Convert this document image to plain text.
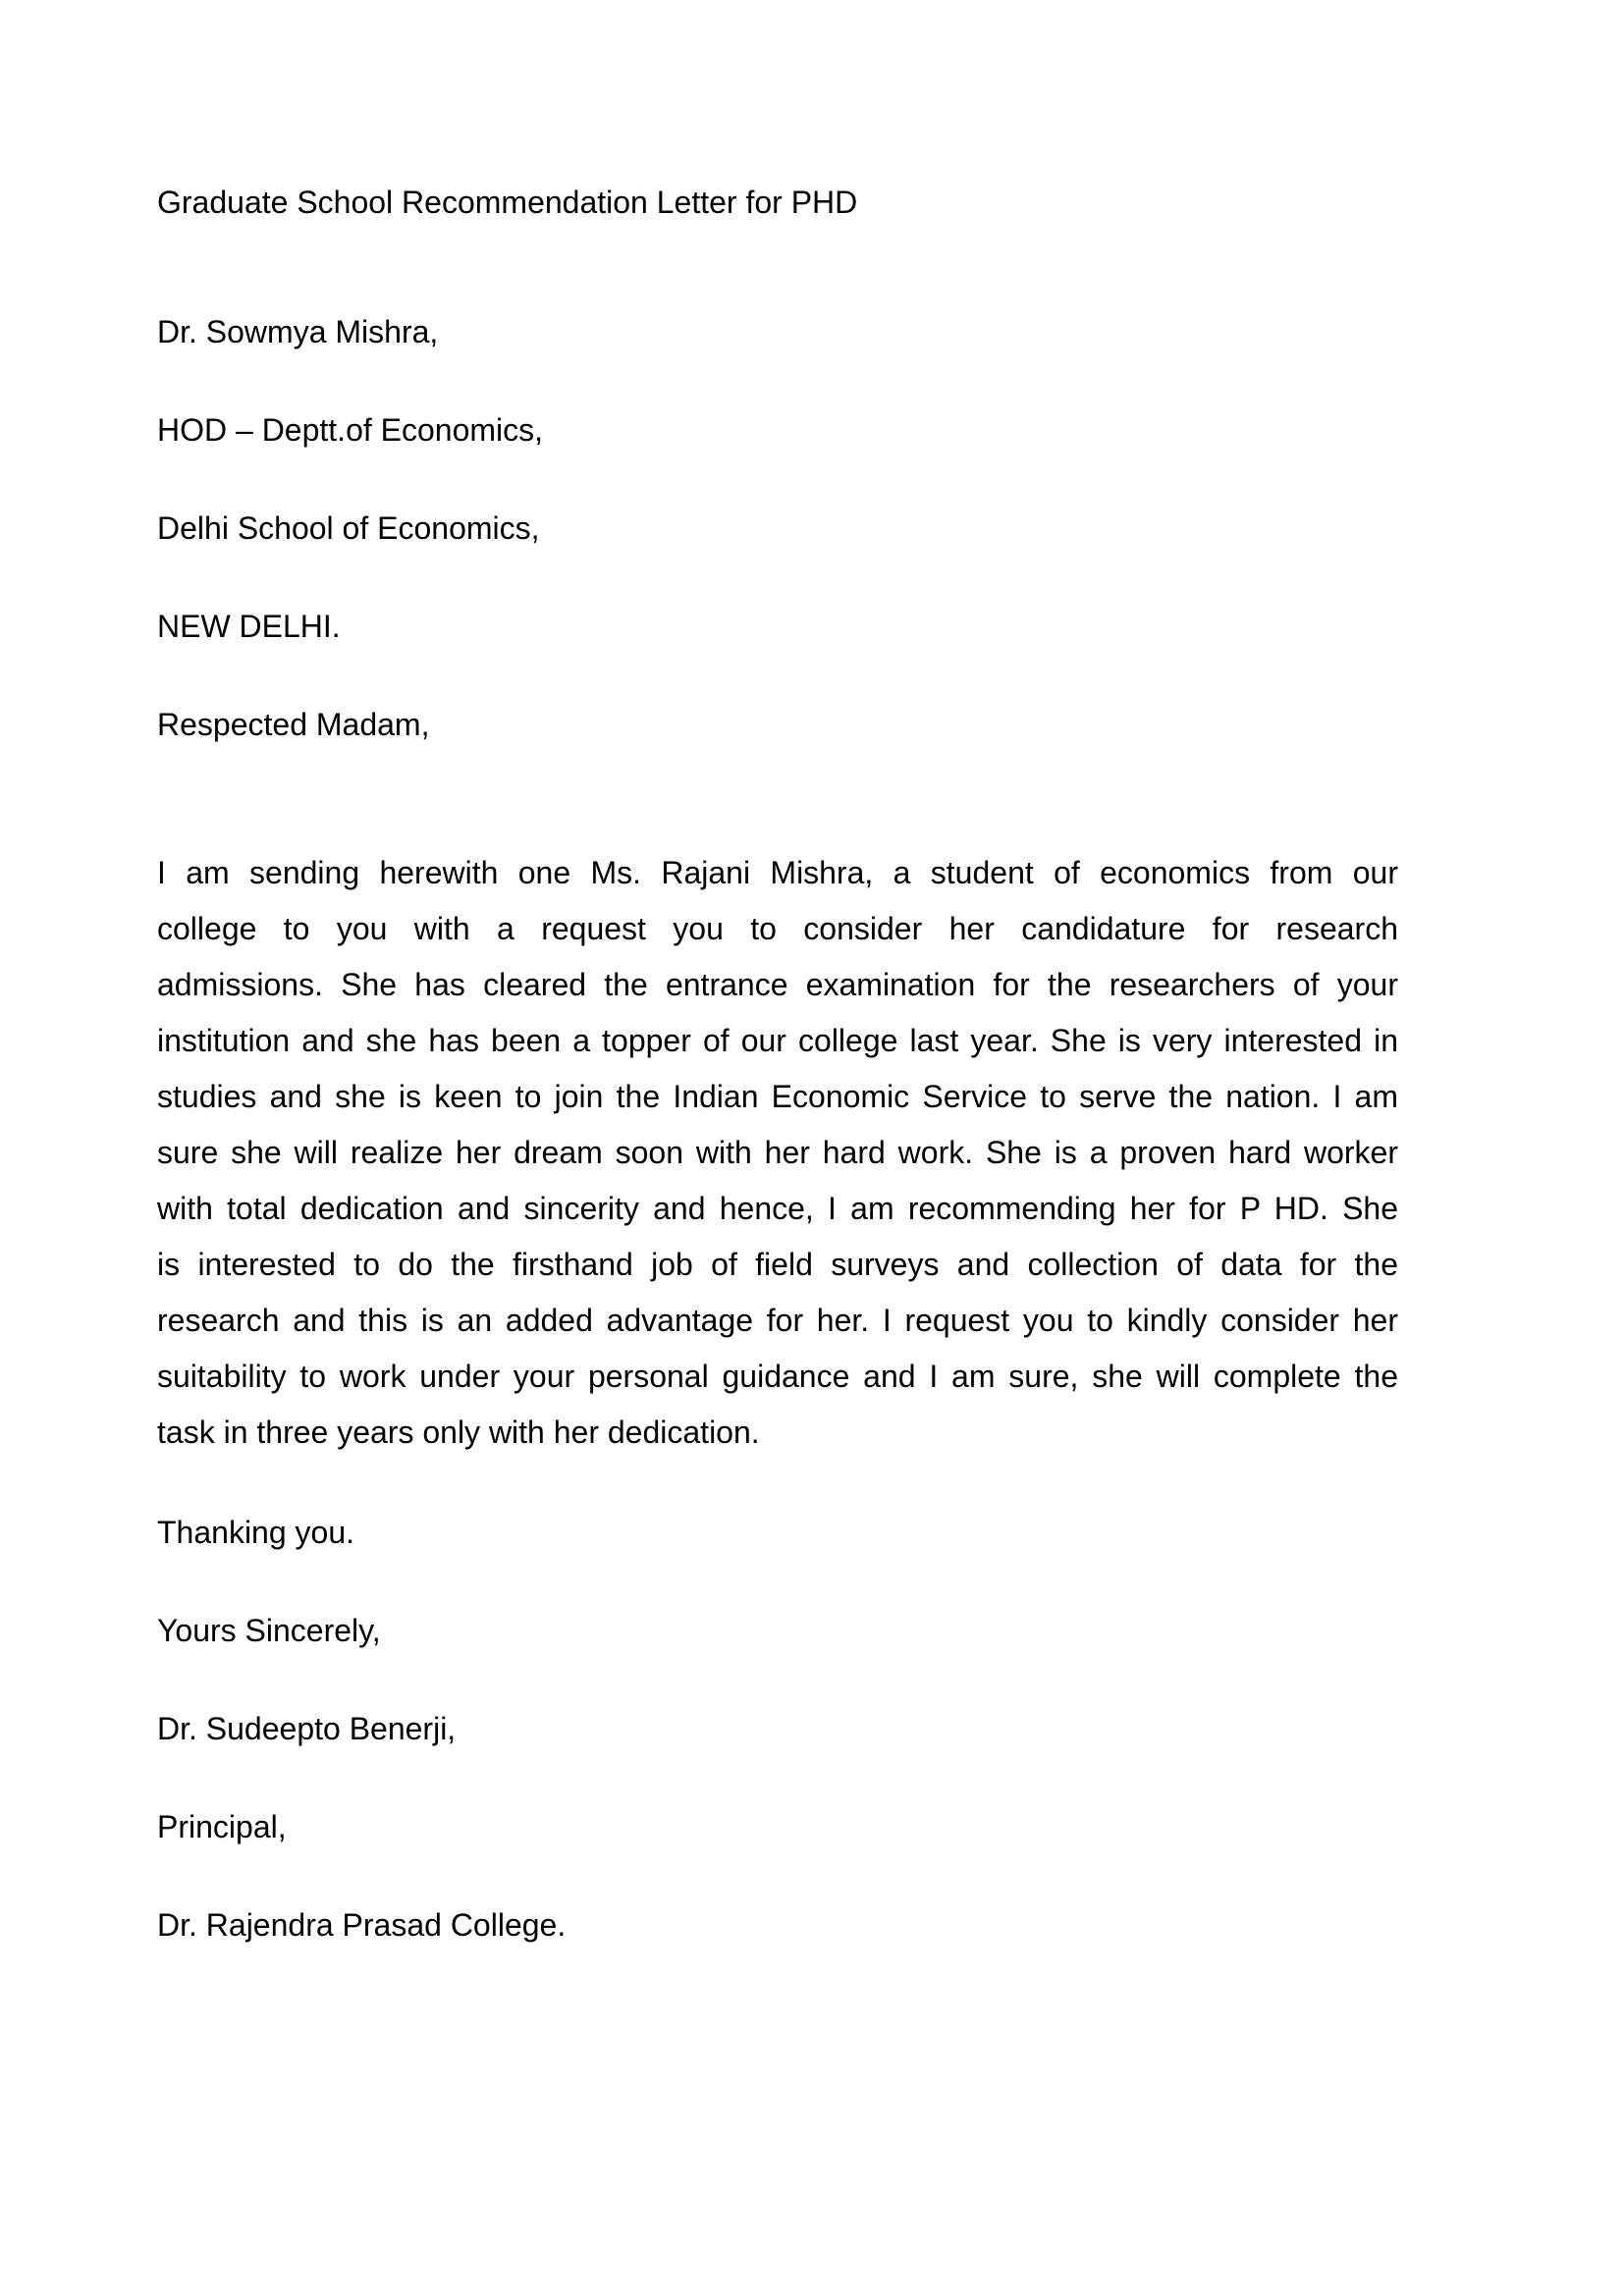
Graduate School Recommendation Letter for PHD
Dr. Sowmya Mishra,
HOD – Deptt.of Economics,
Delhi School of Economics,
NEW DELHI.
Respected Madam,
I am sending herewith one Ms. Rajani Mishra, a student of economics from our
college to you with a request you to consider her candidature for research
admissions. She has cleared the entrance examination for the researchers of your
institution and she has been a topper of our college last year. She is very interested in
studies and she is keen to join the Indian Economic Service to serve the nation. I am
sure she will realize her dream soon with her hard work. She is a proven hard worker
with total dedication and sincerity and hence, I am recommending her for P HD. She
is interested to do the firsthand job of field surveys and collection of data for the
research and this is an added advantage for her. I request you to kindly consider her
suitability to work under your personal guidance and I am sure, she will complete the
task in three years only with her dedication.
Thanking you.
Yours Sincerely,
Dr. Sudeepto Benerji,
Principal,
Dr. Rajendra Prasad College.
